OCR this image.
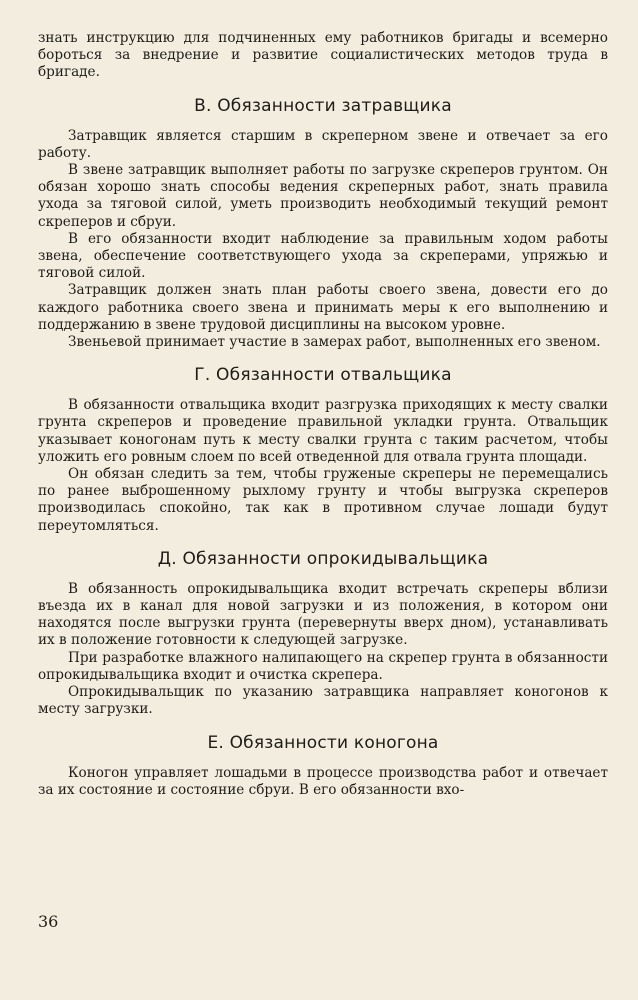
знать инструкцию для подчиненных ему работников бригады и всемерно бороться за внедрение и развитие социалистических методов труда в бригаде.

В. Обязанности затравщика

Затравщик является старшим в скреперном звене и отвечает за его работу.

В звене затравщик выполняет работы по загрузке скреперов грунтом. Он обязан хорошо знать способы ведения скреперных работ, знать правила ухода за тяговой силой, уметь производить необходимый текущий ремонт скреперов и сбруи.

В его обязанности входит наблюдение за правильным ходом работы звена, обеспечение соответствующего ухода за скреперами, упряжью и тяговой силой.

Затравщик должен знать план работы своего звена, довести его до каждого работника своего звена и принимать меры к его выполнению и поддержанию в звене трудовой дисциплины на высоком уровне.

Звеньевой принимает участие в замерах работ, выполненных его звеном.

Г. Обязанности отвальщика

В обязанности отвальщика входит разгрузка приходящих к месту свалки грунта скреперов и проведение правильной укладки грунта. Отвальщик указывает коногонам путь к месту свалки грунта с таким расчетом, чтобы уложить его ровным слоем по всей отведенной для отвала грунта площади.

Он обязан следить за тем, чтобы груженые скреперы не перемещались по ранее выброшенному рыхлому грунту и чтобы выгрузка скреперов производилась спокойно, так как в противном случае лошади будут переутомляться.

Д. Обязанности опрокидывальщика

В обязанность опрокидывальщика входит встречать скреперы вблизи въезда их в канал для новой загрузки и из положения, в котором они находятся после выгрузки грунта (перевернуты вверх дном), устанавливать их в положение готовности к следующей загрузке.

При разработке влажного налипающего на скрепер грунта в обязанности опрокидывальщика входит и очистка скрепера.

Опрокидывальщик по указанию затравщика направляет коногонов к месту загрузки.

Е. Обязанности коногона

Коногон управляет лошадьми в процессе производства работ и отвечает за их состояние и состояние сбруи. В его обязанности вхо-

36
